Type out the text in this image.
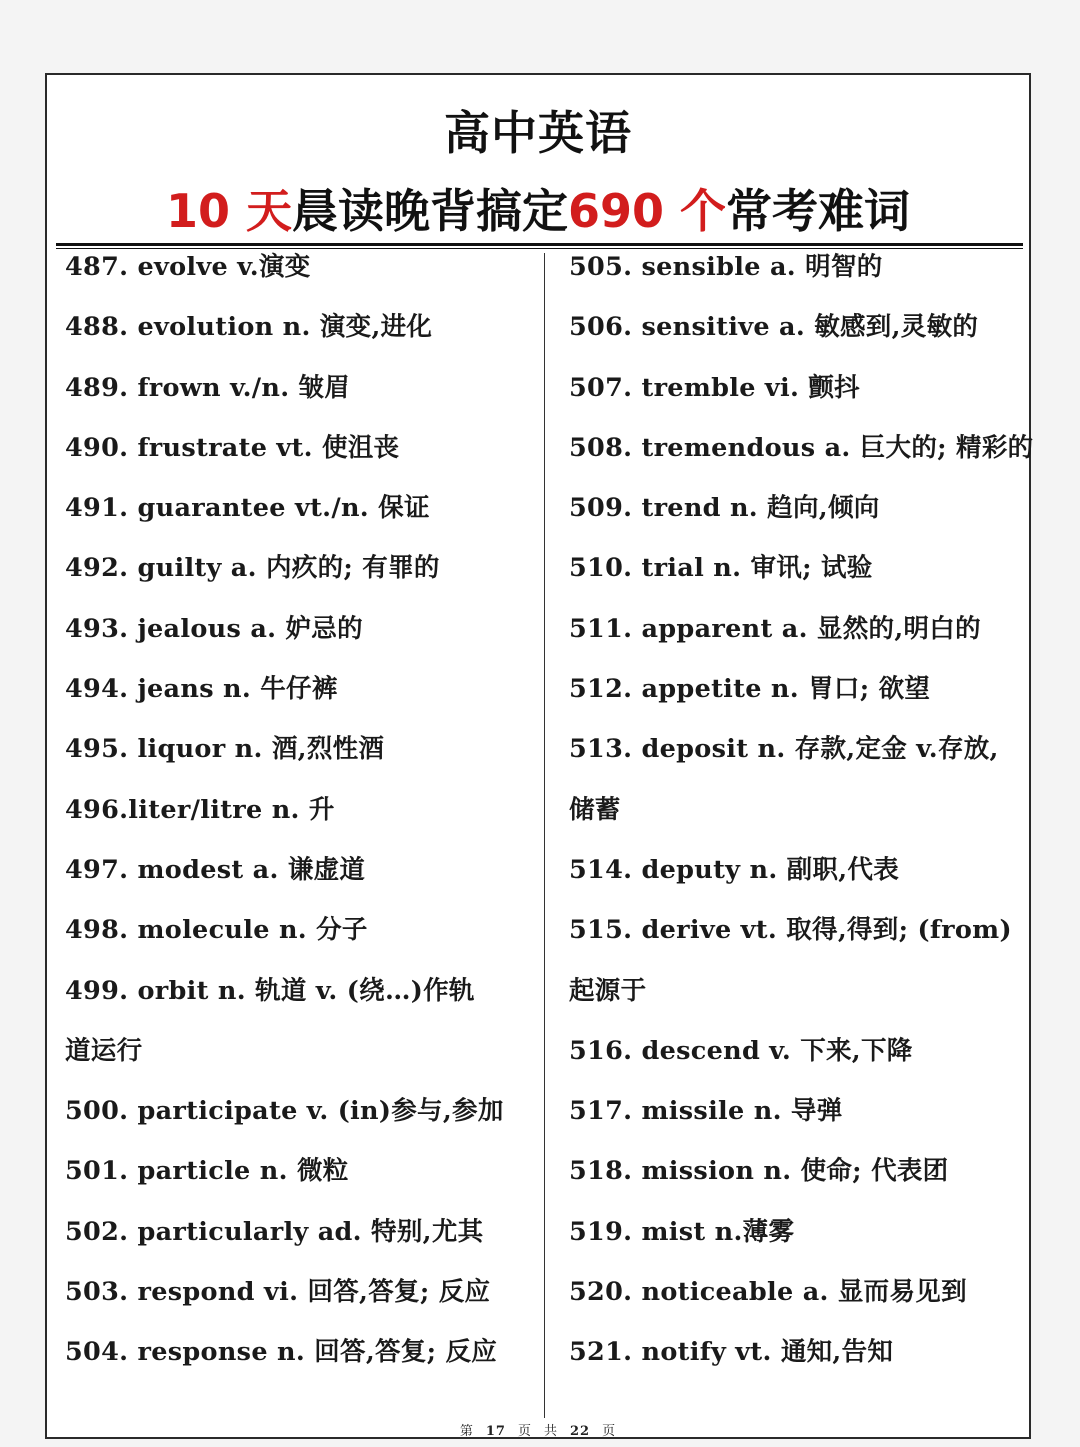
高中英语
10 天晨读晚背搞定690 个常考难词
487. evolve v.演变
488. evolution n. 演变,进化
489. frown v./n. 皱眉
490. frustrate vt. 使沮丧
491. guarantee vt./n. 保证
492. guilty a. 内疚的; 有罪的
493. jealous a. 妒忌的
494. jeans n. 牛仔裤
495. liquor n. 酒,烈性酒
496.liter/litre n. 升
497. modest a. 谦虚道
498. molecule n. 分子
499. orbit n. 轨道 v. (绕…)作轨
道运行
500. participate v. (in)参与,参加
501. particle n. 微粒
502. particularly ad. 特别,尤其
503. respond vi. 回答,答复; 反应
504. response n. 回答,答复; 反应
505. sensible a. 明智的
506. sensitive a. 敏感到,灵敏的
507. tremble vi. 颤抖
508. tremendous a. 巨大的; 精彩的
509. trend n. 趋向,倾向
510. trial n. 审讯; 试验
511. apparent a. 显然的,明白的
512. appetite n. 胃口; 欲望
513. deposit n. 存款,定金 v.存放,
储蓄
514. deputy n. 副职,代表
515. derive vt. 取得,得到; (from)
起源于
516. descend v. 下来,下降
517. missile n. 导弹
518. mission n. 使命; 代表团
519. mist n.薄雾
520. noticeable a. 显而易见到
521. notify vt. 通知,告知
第 17 页 共 22 页
